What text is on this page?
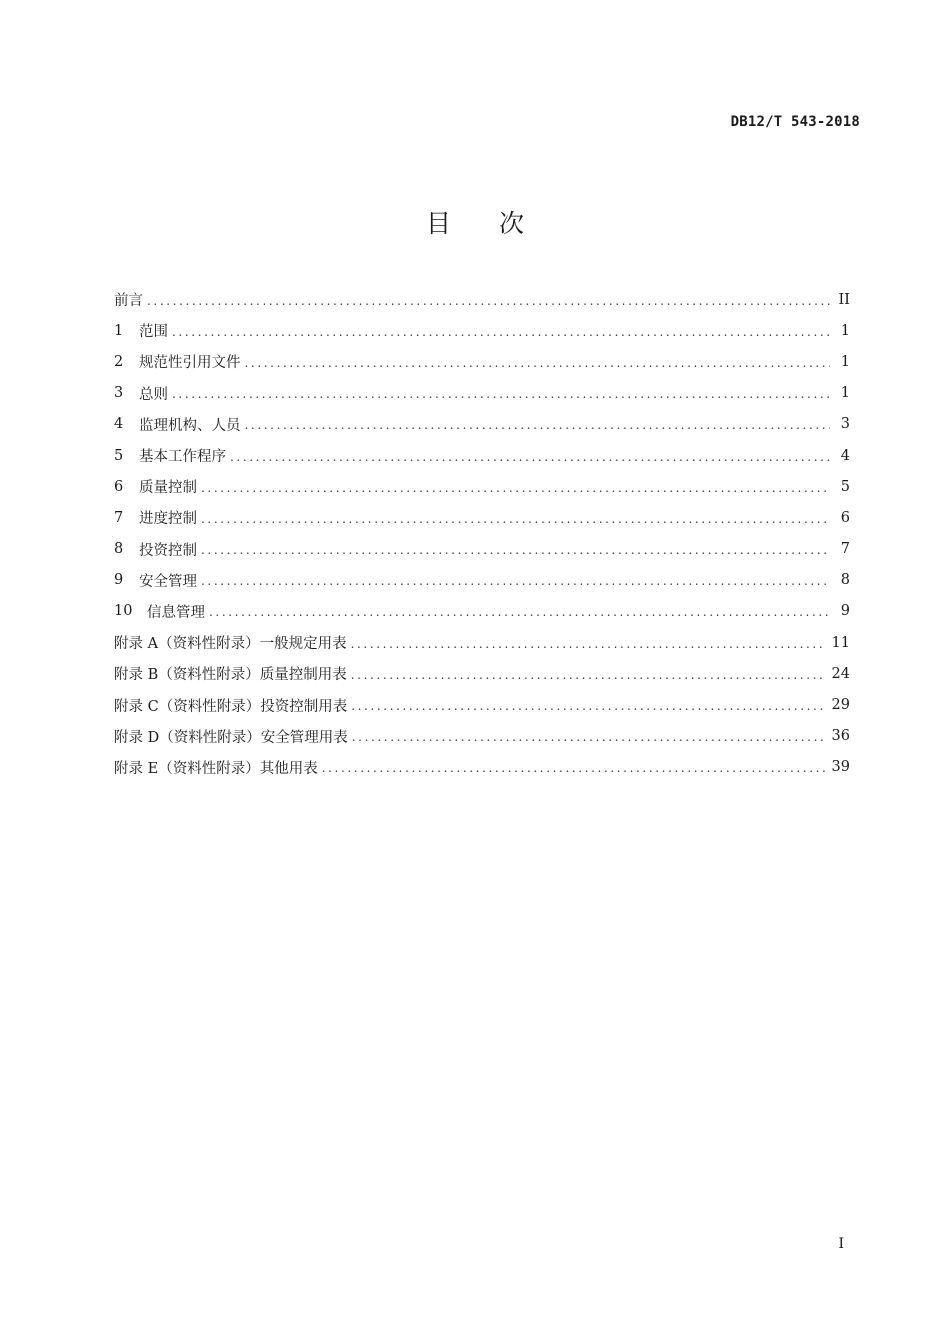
DB12/T 543-2018
目次
前言 .....	II
1	范围 .....	1
2	规范性引用文件 .....	1
3	总则 .....	1
4	监理机构、人员 .....	3
5	基本工作程序 .....	4
6	质量控制 .....	5
7	进度控制 .....	6
8	投资控制 .....	7
9	安全管理 .....	8
10	信息管理 .....	9
附录 A（资料性附录）一般规定用表 .....	11
附录 B（资料性附录）质量控制用表 .....	24
附录 C（资料性附录）投资控制用表 .....	29
附录 D（资料性附录）安全管理用表 .....	36
附录 E（资料性附录）其他用表 .....	39
I
